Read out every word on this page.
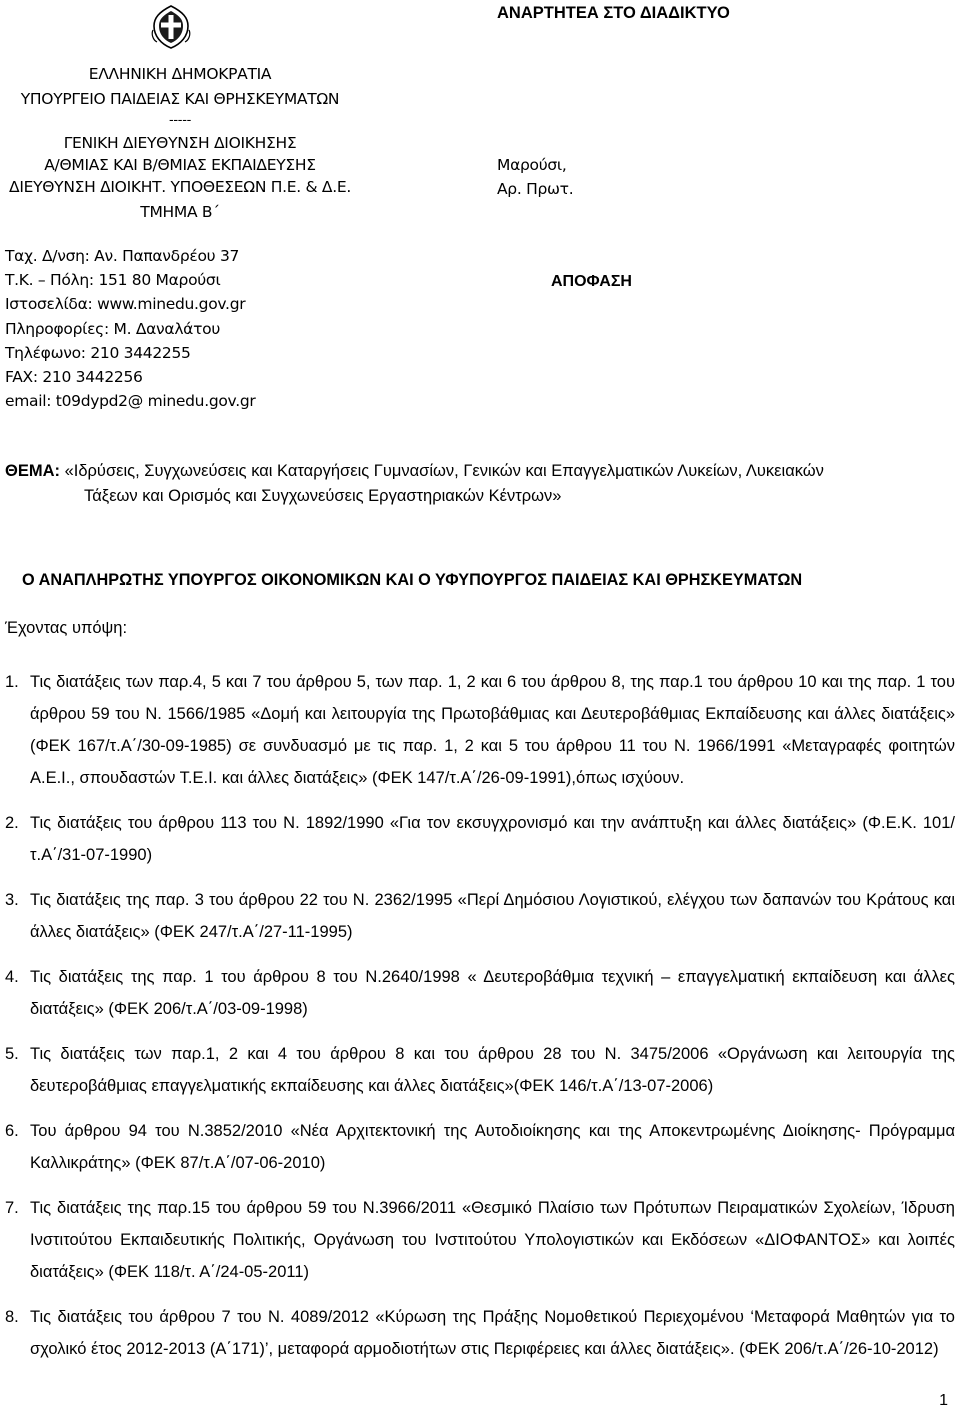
ΑΝΑΡΤΗΤΕΑ ΣΤΟ ΔΙΑΔΙΚΤΥΟ
ΕΛΛΗΝΙΚΗ ΔΗΜΟΚΡΑΤΙΑ
ΥΠΟΥΡΓΕΙΟ ΠΑΙΔΕΙΑΣ ΚΑΙ ΘΡΗΣΚΕΥΜΑΤΩΝ
-----
ΓΕΝΙΚΗ ΔΙΕΥΘΥΝΣΗ ΔΙΟΙΚΗΣΗΣ
Α/ΘΜΙΑΣ ΚΑΙ Β/ΘΜΙΑΣ ΕΚΠΑΙΔΕΥΣΗΣ
ΔΙΕΥΘΥΝΣΗ ΔΙΟΙΚΗΤ. ΥΠΟΘΕΣΕΩΝ Π.Ε. & Δ.Ε.
ΤΜΗΜΑ Β΄
Μαρούσι,
Αρ. Πρωτ.
Ταχ. Δ/νση: Αν. Παπανδρέου 37
Τ.Κ. – Πόλη: 151 80 Μαρούσι
Ιστοσελίδα: www.minedu.gov.gr
Πληροφορίες: Μ. Δαναλάτου
Τηλέφωνο: 210 3442255
FAX: 210 3442256
email: t09dypd2@ minedu.gov.gr
ΑΠΟΦΑΣΗ
ΘΕΜΑ: «Ιδρύσεις, Συγχωνεύσεις και Καταργήσεις Γυμνασίων, Γενικών και Επαγγελματικών Λυκείων, Λυκειακών
Τάξεων και Ορισμός και Συγχωνεύσεις Εργαστηριακών Κέντρων»
Ο ΑΝΑΠΛΗΡΩΤΗΣ ΥΠΟΥΡΓΟΣ ΟΙΚΟΝΟΜΙΚΩΝ ΚΑΙ Ο ΥΦΥΠΟΥΡΓΟΣ ΠΑΙΔΕΙΑΣ ΚΑΙ ΘΡΗΣΚΕΥΜΑΤΩΝ
Έχοντας υπόψη:
1. Τις διατάξεις των παρ.4, 5 και 7 του άρθρου 5, των παρ. 1, 2 και 6 του άρθρου 8, της παρ.1 του άρθρου 10 και της παρ. 1 του άρθρου 59 του Ν. 1566/1985 «Δομή και λειτουργία της Πρωτοβάθμιας και Δευτεροβάθμιας Εκπαίδευσης και άλλες διατάξεις» (ΦΕΚ 167/τ.Α΄/30-09-1985) σε συνδυασμό με τις παρ. 1, 2 και 5 του άρθρου 11 του Ν. 1966/1991 «Μεταγραφές φοιτητών Α.Ε.Ι., σπουδαστών Τ.Ε.Ι. και άλλες διατάξεις» (ΦΕΚ 147/τ.Α΄/26-09-1991),όπως ισχύουν.
2. Τις διατάξεις του άρθρου 113 του Ν. 1892/1990 «Για τον εκσυγχρονισμό και την ανάπτυξη και άλλες διατάξεις» (Φ.Ε.Κ. 101/τ.Α΄/31-07-1990)
3. Τις διατάξεις της παρ. 3 του άρθρου 22 του Ν. 2362/1995 «Περί Δημόσιου Λογιστικού, ελέγχου των δαπανών του Κράτους και άλλες διατάξεις» (ΦΕΚ 247/τ.Α΄/27-11-1995)
4. Τις διατάξεις της παρ. 1 του άρθρου 8 του Ν.2640/1998 « Δευτεροβάθμια τεχνική – επαγγελματική εκπαίδευση και άλλες διατάξεις» (ΦΕΚ 206/τ.Α΄/03-09-1998)
5. Τις διατάξεις των παρ.1, 2 και 4 του άρθρου 8 και του άρθρου 28 του Ν. 3475/2006 «Οργάνωση και λειτουργία της δευτεροβάθμιας επαγγελματικής εκπαίδευσης και άλλες διατάξεις»(ΦΕΚ 146/τ.Α΄/13-07-2006)
6. Του άρθρου 94 του Ν.3852/2010 «Νέα Αρχιτεκτονική της Αυτοδιοίκησης και της Αποκεντρωμένης Διοίκησης- Πρόγραμμα Καλλικράτης» (ΦΕΚ 87/τ.Α΄/07-06-2010)
7. Τις διατάξεις της παρ.15 του άρθρου 59 του Ν.3966/2011 «Θεσμικό Πλαίσιο των Πρότυπων Πειραματικών Σχολείων, Ίδρυση Ινστιτούτου Εκπαιδευτικής Πολιτικής, Οργάνωση του Ινστιτούτου Υπολογιστικών και Εκδόσεων «ΔΙΟΦΑΝΤΟΣ» και λοιπές διατάξεις» (ΦΕΚ 118/τ. Α΄/24-05-2011)
8. Τις διατάξεις του άρθρου 7 του Ν. 4089/2012 «Κύρωση της Πράξης Νομοθετικού Περιεχομένου ‘Μεταφορά Μαθητών για το σχολικό έτος 2012-2013 (Α΄171)’, μεταφορά αρμοδιοτήτων στις Περιφέρειες και άλλες διατάξεις». (ΦΕΚ 206/τ.Α΄/26-10-2012)
1
